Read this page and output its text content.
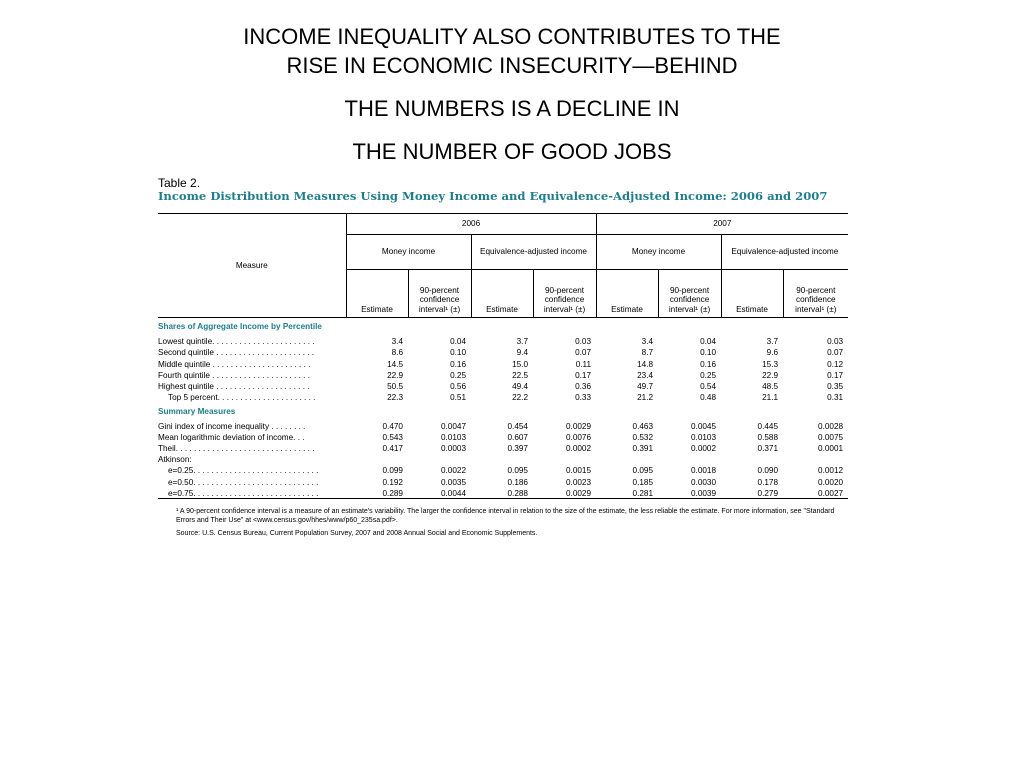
INCOME INEQUALITY ALSO CONTRIBUTES TO THE
RISE IN ECONOMIC INSECURITY—BEHIND
THE NUMBERS IS A DECLINE IN
THE NUMBER OF GOOD JOBS
Table 2.
Income Distribution Measures Using Money Income and Equivalence-Adjusted Income: 2006 and 2007
Measure	2006				2007			
	Money income		Equivalence-adjusted income		Money income		Equivalence-adjusted income	
	Estimate	90-percent confidence interval¹ (±)	Estimate	90-percent confidence interval¹ (±)	Estimate	90-percent confidence interval¹ (±)	Estimate	90-percent confidence interval¹ (±)
Shares of Aggregate Income by Percentile								
Lowest quintile. . . . . . . . . . . . . . . . . . . . . . .	3.4	0.04	3.7	0.03	3.4	0.04	3.7	0.03
Second quintile . . . . . . . . . . . . . . . . . . . . . .	8.6	0.10	9.4	0.07	8.7	0.10	9.6	0.07
Middle quintile . . . . . . . . . . . . . . . . . . . . . .	14.5	0.16	15.0	0.11	14.8	0.16	15.3	0.12
Fourth quintile . . . . . . . . . . . . . . . . . . . . . .	22.9	0.25	22.5	0.17	23.4	0.25	22.9	0.17
Highest quintile . . . . . . . . . . . . . . . . . . . . .	50.5	0.56	49.4	0.36	49.7	0.54	48.5	0.35
Top 5 percent. . . . . . . . . . . . . . . . . . . . . .	22.3	0.51	22.2	0.33	21.2	0.48	21.1	0.31
Summary Measures								
Gini index of income inequality . . . . . . . .	0.470	0.0047	0.454	0.0029	0.463	0.0045	0.445	0.0028
Mean logarithmic deviation of income. . .	0.543	0.0103	0.607	0.0076	0.532	0.0103	0.588	0.0075
Theil. . . . . . . . . . . . . . . . . . . . . . . . . . . . . . .	0.417	0.0003	0.397	0.0002	0.391	0.0002	0.371	0.0001
Atkinson:								
e=0.25. . . . . . . . . . . . . . . . . . . . . . . . . . . .	0.099	0.0022	0.095	0.0015	0.095	0.0018	0.090	0.0012
e=0.50. . . . . . . . . . . . . . . . . . . . . . . . . . . .	0.192	0.0035	0.186	0.0023	0.185	0.0030	0.178	0.0020
e=0.75. . . . . . . . . . . . . . . . . . . . . . . . . . . .	0.289	0.0044	0.288	0.0029	0.281	0.0039	0.279	0.0027
¹ A 90-percent confidence interval is a measure of an estimate's variability. The larger the confidence interval in relation to the size of the estimate, the less reliable the estimate. For more information, see "Standard Errors and Their Use" at <www.census.gov/hhes/www/p60_235sa.pdf>.
Source: U.S. Census Bureau, Current Population Survey, 2007 and 2008 Annual Social and Economic Supplements.
